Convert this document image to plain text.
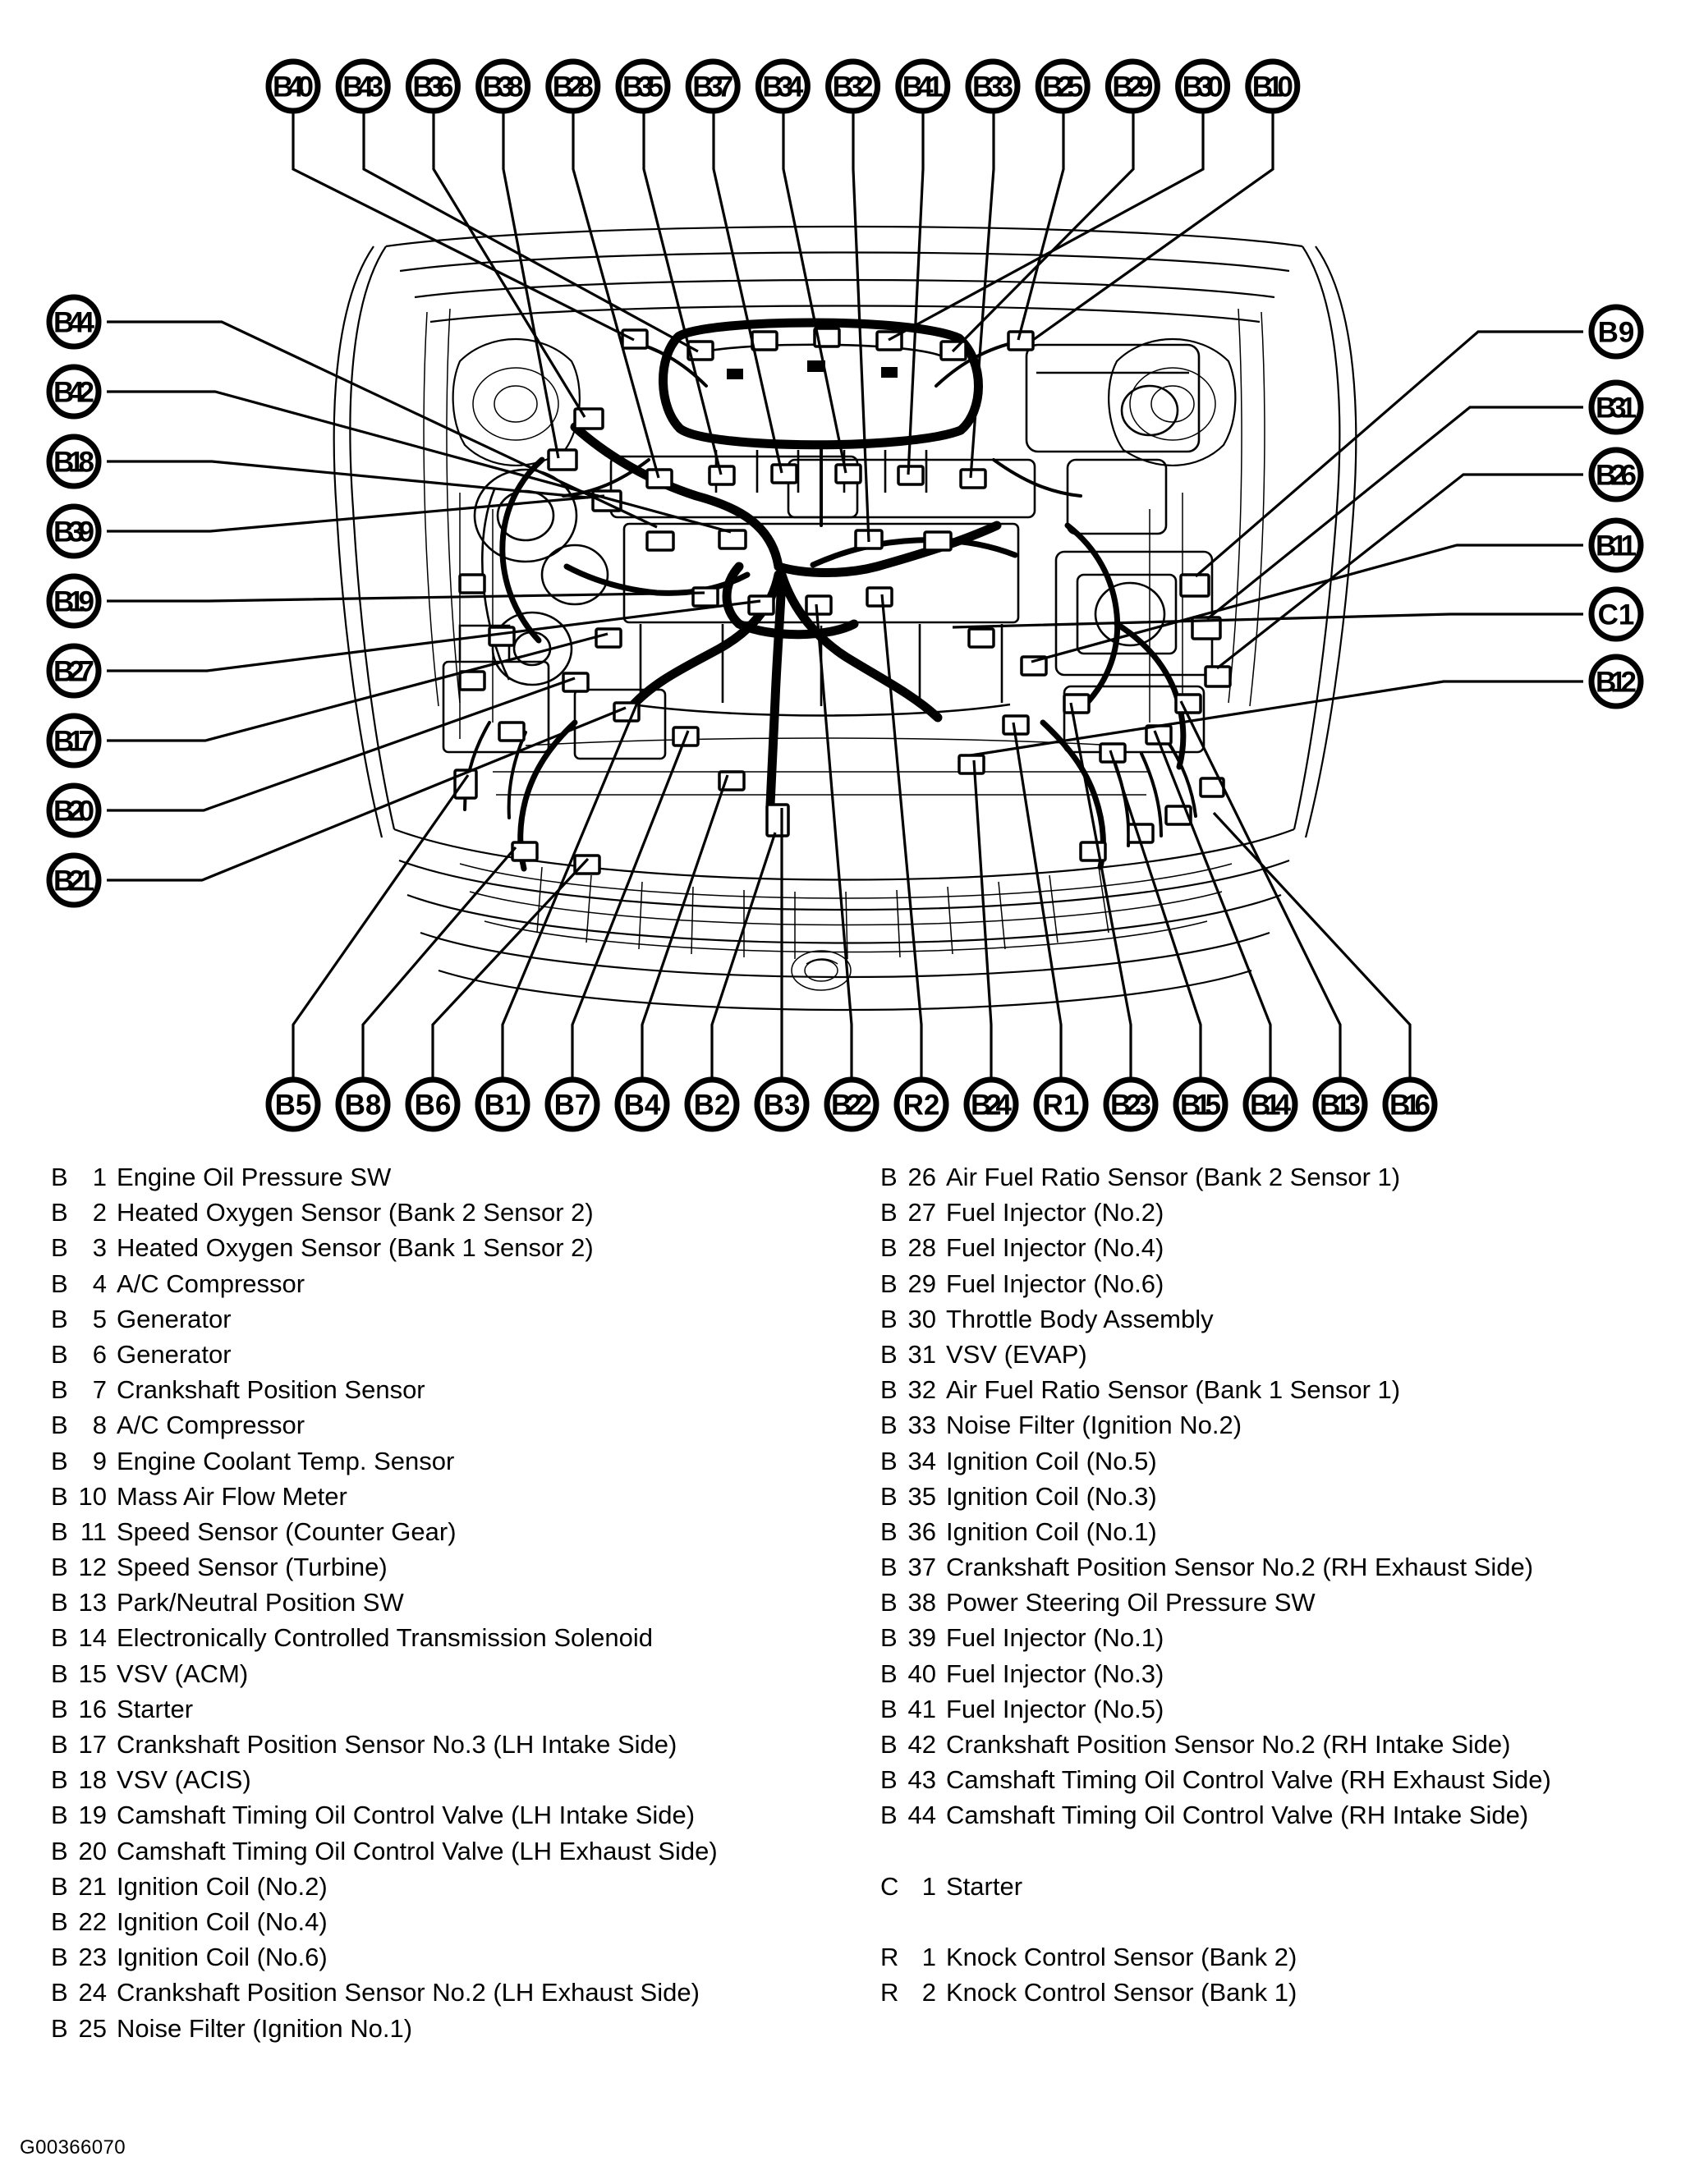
B40 B43 B36 B38 B28 B35 B37 B34 B32 B41 B33 B25 B29 B30 B10
B44
B42
B18
B39
B19
B27
B17
B20
B21
B9
B31
B26
B11
C1
B12
B5 B8 B6 B1 B7 B4 B2 B3 B22 R2 B24 R1 B23 B15 B14 B13 B16
B 1 Engine Oil Pressure SW
B 2 Heated Oxygen Sensor (Bank 2 Sensor 2)
B 3 Heated Oxygen Sensor (Bank 1 Sensor 2)
B 4 A/C Compressor
B 5 Generator
B 6 Generator
B 7 Crankshaft Position Sensor
B 8 A/C Compressor
B 9 Engine Coolant Temp. Sensor
B 10 Mass Air Flow Meter
B 11 Speed Sensor (Counter Gear)
B 12 Speed Sensor (Turbine)
B 13 Park/Neutral Position SW
B 14 Electronically Controlled Transmission Solenoid
B 15 VSV (ACM)
B 16 Starter
B 17 Crankshaft Position Sensor No.3 (LH Intake Side)
B 18 VSV (ACIS)
B 19 Camshaft Timing Oil Control Valve (LH Intake Side)
B 20 Camshaft Timing Oil Control Valve (LH Exhaust Side)
B 21 Ignition Coil (No.2)
B 22 Ignition Coil (No.4)
B 23 Ignition Coil (No.6)
B 24 Crankshaft Position Sensor No.2 (LH Exhaust Side)
B 25 Noise Filter (Ignition No.1)
B 26 Air Fuel Ratio Sensor (Bank 2 Sensor 1)
B 27 Fuel Injector (No.2)
B 28 Fuel Injector (No.4)
B 29 Fuel Injector (No.6)
B 30 Throttle Body Assembly
B 31 VSV (EVAP)
B 32 Air Fuel Ratio Sensor (Bank 1 Sensor 1)
B 33 Noise Filter (Ignition No.2)
B 34 Ignition Coil (No.5)
B 35 Ignition Coil (No.3)
B 36 Ignition Coil (No.1)
B 37 Crankshaft Position Sensor No.2 (RH Exhaust Side)
B 38 Power Steering Oil Pressure SW
B 39 Fuel Injector (No.1)
B 40 Fuel Injector (No.3)
B 41 Fuel Injector (No.5)
B 42 Crankshaft Position Sensor No.2 (RH Intake Side)
B 43 Camshaft Timing Oil Control Valve (RH Exhaust Side)
B 44 Camshaft Timing Oil Control Valve (RH Intake Side)
C 1 Starter
R 1 Knock Control Sensor (Bank 2)
R 2 Knock Control Sensor (Bank 1)
G00366070
